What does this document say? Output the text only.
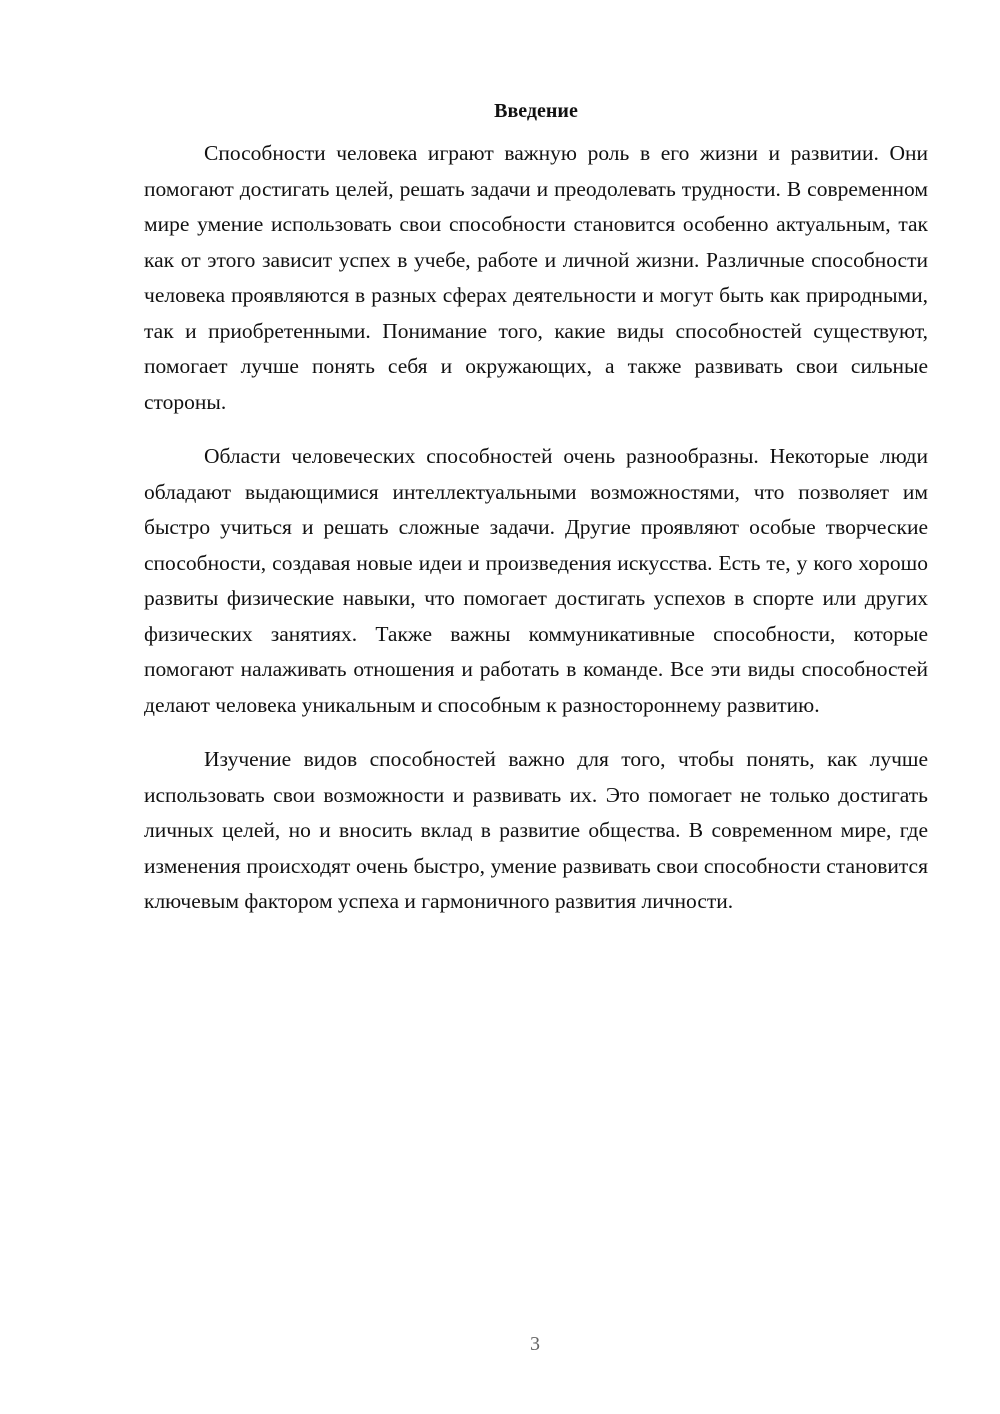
Введение

Способности человека играют важную роль в его жизни и развитии. Они помогают достигать целей, решать задачи и преодолевать трудности. В современном мире умение использовать свои способности становится особенно актуальным, так как от этого зависит успех в учебе, работе и личной жизни. Различные способности человека проявляются в разных сферах деятельности и могут быть как природными, так и приобретенными. Понимание того, какие виды способностей существуют, помогает лучше понять себя и окружающих, а также развивать свои сильные стороны.

Области человеческих способностей очень разнообразны. Некоторые люди обладают выдающимися интеллектуальными возможностями, что позволяет им быстро учиться и решать сложные задачи. Другие проявляют особые творческие способности, создавая новые идеи и произведения искусства. Есть те, у кого хорошо развиты физические навыки, что помогает достигать успехов в спорте или других физических занятиях. Также важны коммуникативные способности, которые помогают налаживать отношения и работать в команде. Все эти виды способностей делают человека уникальным и способным к разностороннему развитию.

Изучение видов способностей важно для того, чтобы понять, как лучше использовать свои возможности и развивать их. Это помогает не только достигать личных целей, но и вносить вклад в развитие общества. В современном мире, где изменения происходят очень быстро, умение развивать свои способности становится ключевым фактором успеха и гармоничного развития личности.

3
